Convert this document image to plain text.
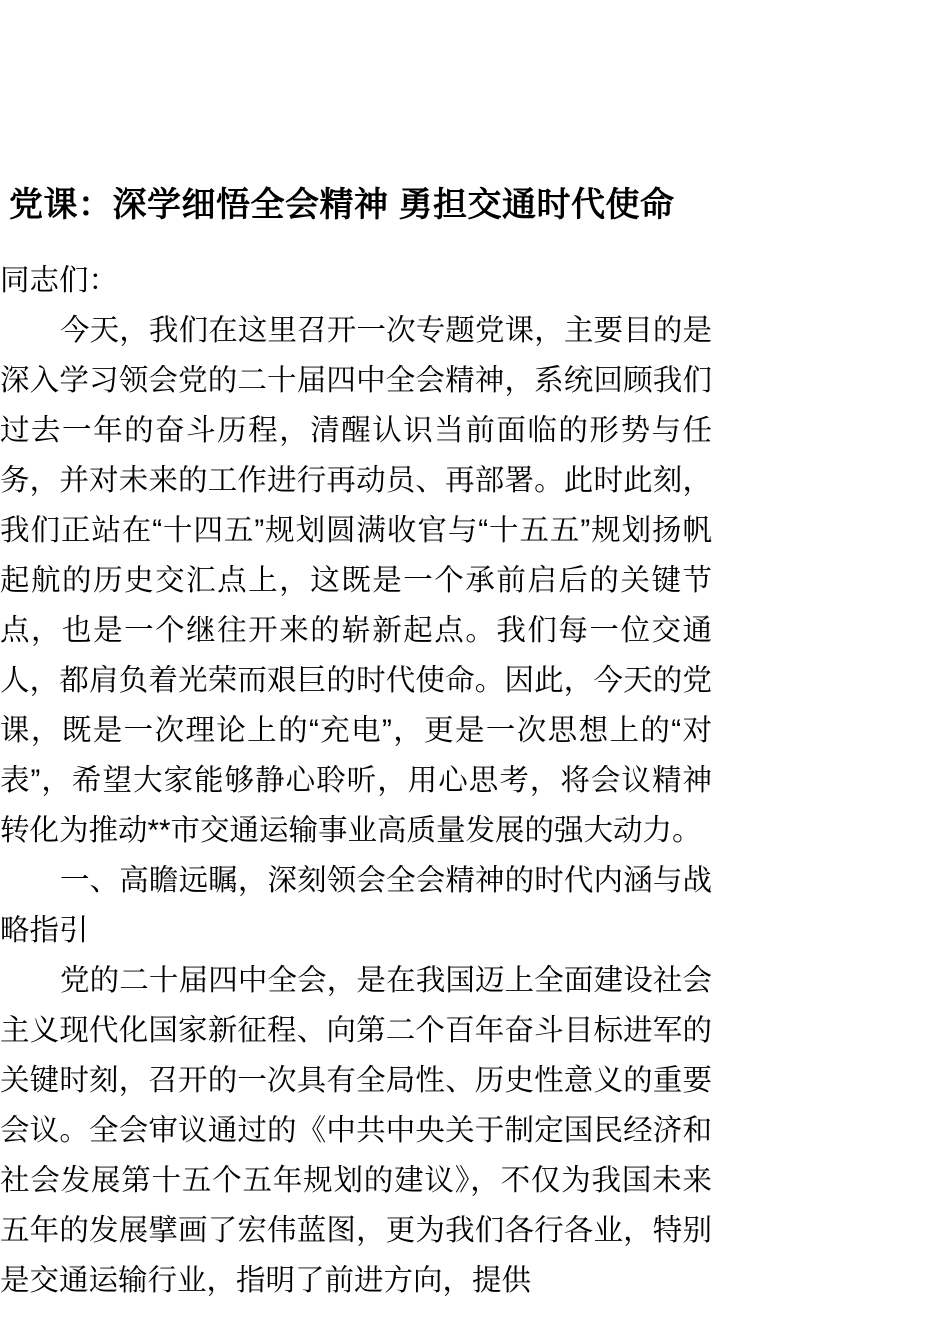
党课：深学细悟全会精神 勇担交通时代使命

同志们：

今天，我们在这里召开一次专题党课，主要目的是深入学习领会党的二十届四中全会精神，系统回顾我们过去一年的奋斗历程，清醒认识当前面临的形势与任务，并对未来的工作进行再动员、再部署。此时此刻，我们正站在“十四五”规划圆满收官与“十五五”规划扬帆起航的历史交汇点上，这既是一个承前启后的关键节点，也是一个继往开来的崭新起点。我们每一位交通人，都肩负着光荣而艰巨的时代使命。因此，今天的党课，既是一次理论上的“充电”，更是一次思想上的“对表”，希望大家能够静心聆听，用心思考，将会议精神转化为推动**市交通运输事业高质量发展的强大动力。

一、高瞻远瞩，深刻领会全会精神的时代内涵与战略指引

党的二十届四中全会，是在我国迈上全面建设社会主义现代化国家新征程、向第二个百年奋斗目标进军的关键时刻，召开的一次具有全局性、历史性意义的重要会议。全会审议通过的《中共中央关于制定国民经济和社会发展第十五个五年规划的建议》，不仅为我国未来五年的发展擘画了宏伟蓝图，更为我们各行各业，特别是交通运输行业，指明了前进方向，提供
